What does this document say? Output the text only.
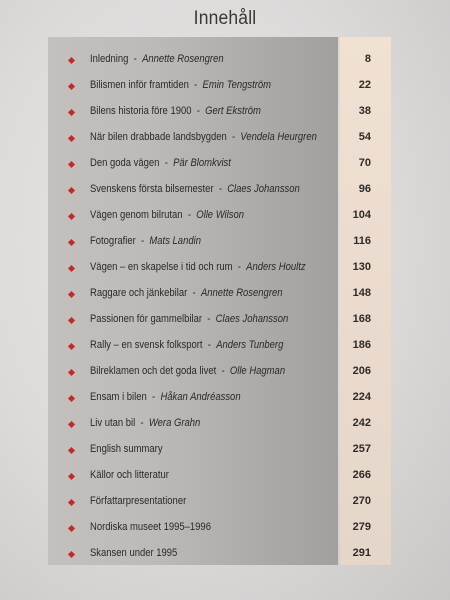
Innehåll
Inledning  -  Annette Rosengren	8
Bilismen inför framtiden  -  Emin Tengström	22
Bilens historia före 1900  -  Gert Ekström	38
När bilen drabbade landsbygden  -  Vendela Heurgren	54
Den goda vägen  -  Pär Blomkvist	70
Svenskens första bilsemester  -  Claes Johansson	96
Vägen genom bilrutan  -  Olle Wilson	104
Fotografier  -  Mats Landin	116
Vägen – en skapelse i tid och rum  -  Anders Houltz	130
Raggare och jänkebilar  -  Annette Rosengren	148
Passionen för gammelbilar  -  Claes Johansson	168
Rally – en svensk folksport  -  Anders Tunberg	186
Bilreklamen och det goda livet  -  Olle Hagman	206
Ensam i bilen  -  Håkan Andréasson	224
Liv utan bil  -  Wera Grahn	242
English summary	257
Källor och litteratur	266
Författarpresentationer	270
Nordiska museet 1995–1996	279
Skansen under 1995	291
